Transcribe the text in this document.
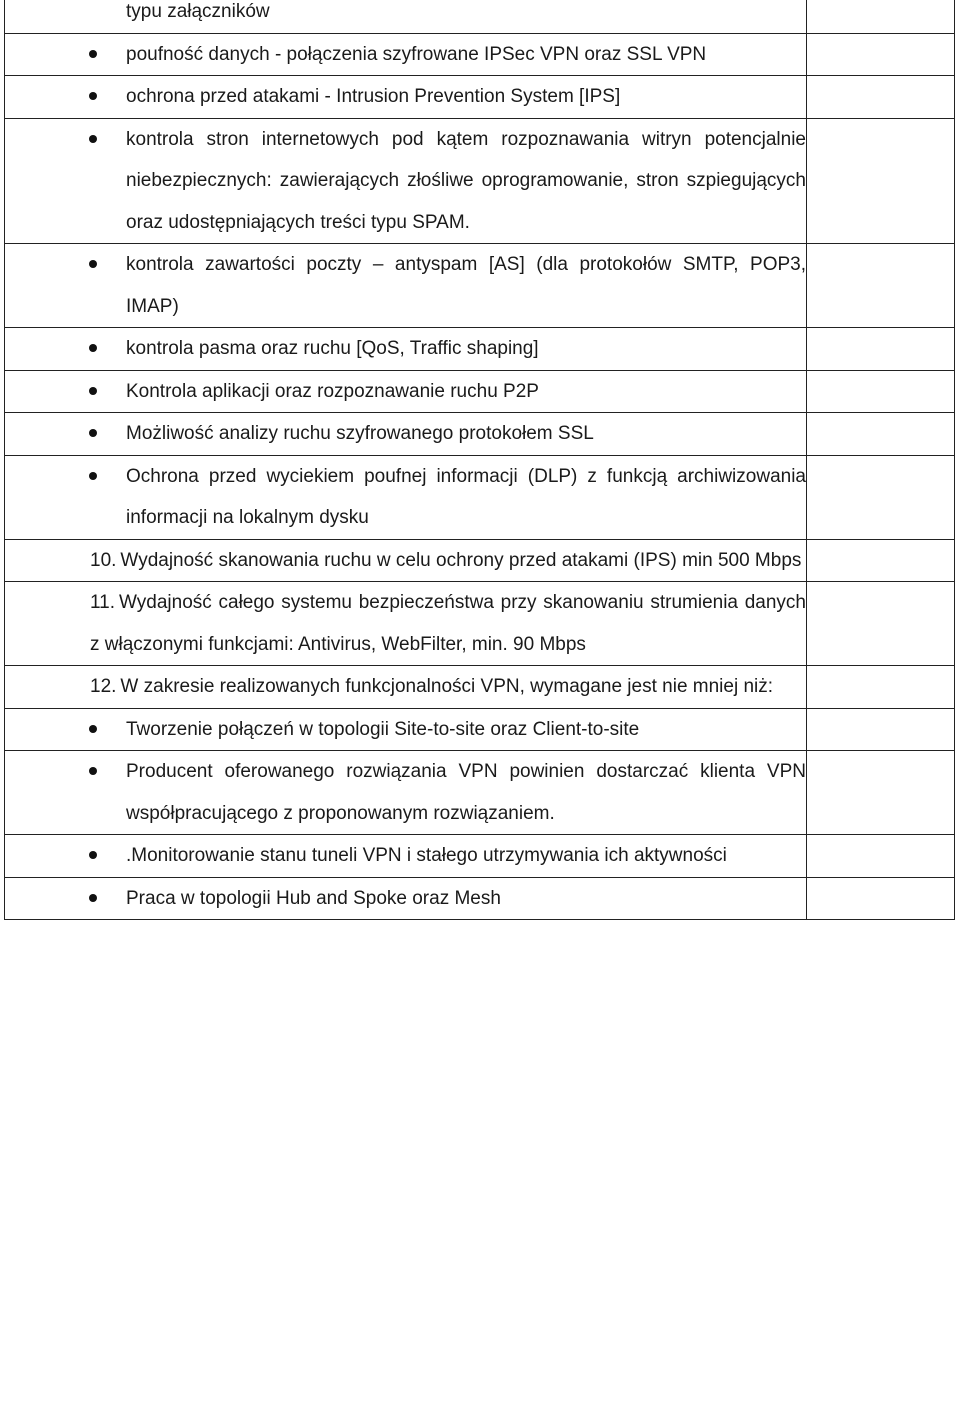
typu załączników	

poufność danych - połączenia szyfrowane IPSec VPN oraz SSL VPN	

ochrona przed atakami - Intrusion Prevention System [IPS]	

kontrola stron internetowych pod kątem rozpoznawania witryn potencjalnie niebezpiecznych: zawierających złośliwe oprogramowanie, stron szpiegujących oraz udostępniających treści typu SPAM.	

kontrola zawartości poczty – antyspam [AS] (dla protokołów SMTP, POP3, IMAP)	

kontrola pasma oraz ruchu [QoS, Traffic shaping]	

Kontrola aplikacji oraz rozpoznawanie ruchu P2P	

Możliwość analizy ruchu szyfrowanego protokołem SSL	

Ochrona przed wyciekiem poufnej informacji (DLP) z funkcją archiwizowania informacji na lokalnym dysku	

10. Wydajność skanowania ruchu w celu ochrony przed atakami (IPS) min 500 Mbps	

11. Wydajność całego systemu bezpieczeństwa przy skanowaniu strumienia danych z włączonymi funkcjami: Antivirus, WebFilter, min. 90 Mbps	

12. W zakresie realizowanych funkcjonalności VPN, wymagane jest nie mniej niż:	

Tworzenie połączeń w topologii Site-to-site oraz Client-to-site	

Producent oferowanego rozwiązania VPN powinien dostarczać klienta VPN współpracującego z proponowanym rozwiązaniem.	

.Monitorowanie stanu tuneli VPN i stałego utrzymywania ich aktywności	

Praca w topologii Hub and Spoke oraz Mesh	
